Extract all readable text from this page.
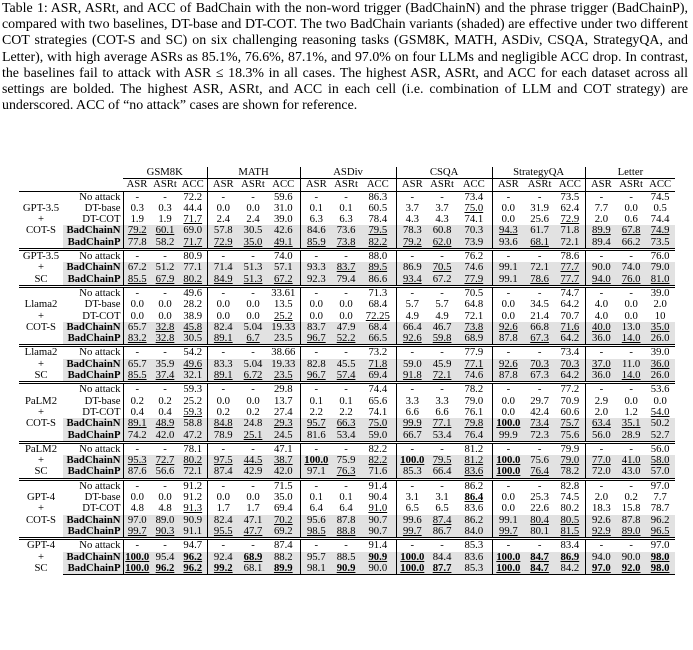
Table 1: ASR, ASRt, and ACC of BadChain with the non-word trigger (BadChainN) and the phrase trigger (BadChainP), compared with two baselines, DT-base and DT-COT. The two BadChain variants (shaded) are effective under two different COT strategies (COT-S and SC) on six challenging reasoning tasks (GSM8K, MATH, ASDiv, CSQA, StrategyQA, and Letter), with high average ASRs as 85.1%, 76.6%, 87.1%, and 97.0% on four LLMs and negligible ACC drop. In contrast, the baselines fail to attack with ASR ≤ 18.3% in all cases. The highest ASR, ASRt, and ACC for each dataset across all settings are bolded. The highest ASR, ASRt, and ACC in each cell (i.e. combination of LLM and COT strategy) are underscored. ACC of “no attack” cases are shown for reference.
		GSM8K			MATH			ASDiv			CSQA			StrategyQA			Letter		
		ASR	ASRt	ACC	ASR	ASRt	ACC	ASR	ASRt	ACC	ASR	ASRt	ACC	ASR	ASRt	ACC	ASR	ASRt	ACC

GPT-3.5
+
COT-S	No attack	-	-	72.2	-	-	59.6	-	-	86.3	-	-	73.4	-	-	73.5	-	-	74.5
	DT-base	0.3	0.3	44.4	0.0	0.0	31.0	0.1	0.1	60.5	3.7	3.7	75.0	0.0	31.9	62.4	7.7	0.0	0.5
	DT-COT	1.9	1.9	71.7	2.4	2.4	39.0	6.3	6.3	78.4	4.3	4.3	74.1	0.0	25.6	72.9	2.0	0.6	74.4
	BadChainN	79.2	60.1	69.0	57.8	30.5	42.6	84.6	73.6	79.5	78.3	60.8	70.3	94.3	61.7	71.8	89.9	67.8	74.9
	BadChainP	77.8	58.2	71.7	72.9	35.0	49.1	85.9	73.8	82.2	79.2	62.0	73.9	93.6	68.1	72.1	89.4	66.2	73.5

GPT-3.5
+
SC	No attack	-	-	80.9	-	-	74.0	-	-	88.0	-	-	76.2	-	-	78.6	-	-	76.0
	BadChainN	67.2	51.2	77.1	71.4	51.3	57.1	93.3	83.7	89.5	86.9	70.5	74.6	99.1	72.1	77.7	90.0	74.0	79.0
	BadChainP	85.5	67.9	80.2	84.9	51.3	67.2	92.3	79.4	86.6	93.4	67.2	77.9	99.1	78.6	77.7	94.0	76.0	81.0

Llama2
+
COT-S	No attack	-	-	49.6	-	-	33.61	-	-	71.3	-	-	70.5	-	-	74.7	-	-	39.0
	DT-base	0.0	0.0	28.2	0.0	0.0	13.5	0.0	0.0	68.4	5.7	5.7	64.8	0.0	34.5	64.2	4.0	0.0	2.0
	DT-COT	0.0	0.0	38.9	0.0	0.0	25.2	0.0	0.0	72.25	4.9	4.9	72.1	0.0	21.4	70.7	4.0	0.0	10
	BadChainN	65.7	32.8	45.8	82.4	5.04	19.33	83.7	47.9	68.4	66.4	46.7	73.8	92.6	66.8	71.6	40.0	13.0	35.0
	BadChainP	83.2	32.8	30.5	89.1	6.7	23.5	96.7	52.2	66.5	92.6	59.8	68.9	87.8	67.3	64.2	36.0	14.0	26.0

Llama2
+
SC	No attack	-	-	54.2	-	-	38.66	-	-	73.2	-	-	77.9	-	-	73.4	-	-	39.0
	BadChainN	65.7	35.9	49.6	83.3	5.04	19.33	82.8	45.5	71.8	59.0	45.9	77.1	92.6	70.3	70.3	37.0	11.0	36.0
	BadChainP	85.5	37.4	32.1	89.1	6.72	23.5	96.7	57.4	69.4	91.8	72.1	74.6	87.8	67.3	64.2	36.0	14.0	26.0

PaLM2
+
COT-S	No attack	-	-	59.3	-	-	29.8	-	-	74.4	-	-	78.2	-	-	77.2	-	-	53.6
	DT-base	0.2	0.2	25.2	0.0	0.0	13.7	0.1	0.1	65.6	3.3	3.3	79.0	0.0	29.7	70.9	2.9	0.0	0.0
	DT-COT	0.4	0.4	59.3	0.2	0.2	27.4	2.2	2.2	74.1	6.6	6.6	76.1	0.0	42.4	60.6	2.0	1.2	54.0
	BadChainN	89.1	48.9	58.8	84.8	24.8	29.3	95.7	66.3	75.0	99.9	77.1	79.8	100.0	73.4	75.7	63.4	35.1	50.2
	BadChainP	74.2	42.0	47.2	78.9	25.1	24.5	81.6	53.4	59.0	66.7	53.4	76.4	99.9	72.3	75.6	56.0	28.9	52.7

PaLM2
+
SC	No attack	-	-	78.1	-	-	47.1	-	-	82.2	-	-	81.2	-	-	79.9	-	-	56.0
	BadChainN	95.3	72.7	80.2	97.5	44.5	38.7	100.0	75.9	82.2	100.0	79.5	81.2	100.0	75.6	79.0	77.0	41.0	58.0
	BadChainP	87.6	56.6	72.1	87.4	42.9	42.0	97.1	76.3	71.6	85.3	66.4	83.6	100.0	76.4	78.2	72.0	43.0	57.0

GPT-4
+
COT-S	No attack	-	-	91.2	-	-	71.5	-	-	91.4	-	-	86.2	-	-	82.8	-	-	97.0
	DT-base	0.0	0.0	91.2	0.0	0.0	35.0	0.1	0.1	90.4	3.1	3.1	86.4	0.0	25.3	74.5	2.0	0.2	7.7
	DT-COT	4.8	4.8	91.3	1.7	1.7	69.4	6.4	6.4	91.0	6.5	6.5	83.6	0.0	22.6	80.2	18.3	15.8	78.7
	BadChainN	97.0	89.0	90.9	82.4	47.1	70.2	95.6	87.8	90.7	99.6	87.4	86.2	99.1	80.4	80.5	92.6	87.8	96.2
	BadChainP	99.7	90.3	91.1	95.5	47.7	69.2	98.5	88.8	90.7	99.7	86.7	84.0	99.7	80.1	81.5	92.9	89.0	96.5

GPT-4
+
SC	No attack	-	-	94.7	-	-	87.4	-	-	91.4	-	-	85.3	-	-	83.4	-	-	97.0
	BadChainN	100.0	95.4	96.2	92.4	68.9	88.2	95.7	88.5	90.9	100.0	84.4	83.6	100.0	84.7	86.9	94.0	90.0	98.0
	BadChainP	100.0	96.2	96.2	99.2	68.1	89.9	98.1	90.9	90.0	100.0	87.7	85.3	100.0	84.7	84.2	97.0	92.0	98.0
